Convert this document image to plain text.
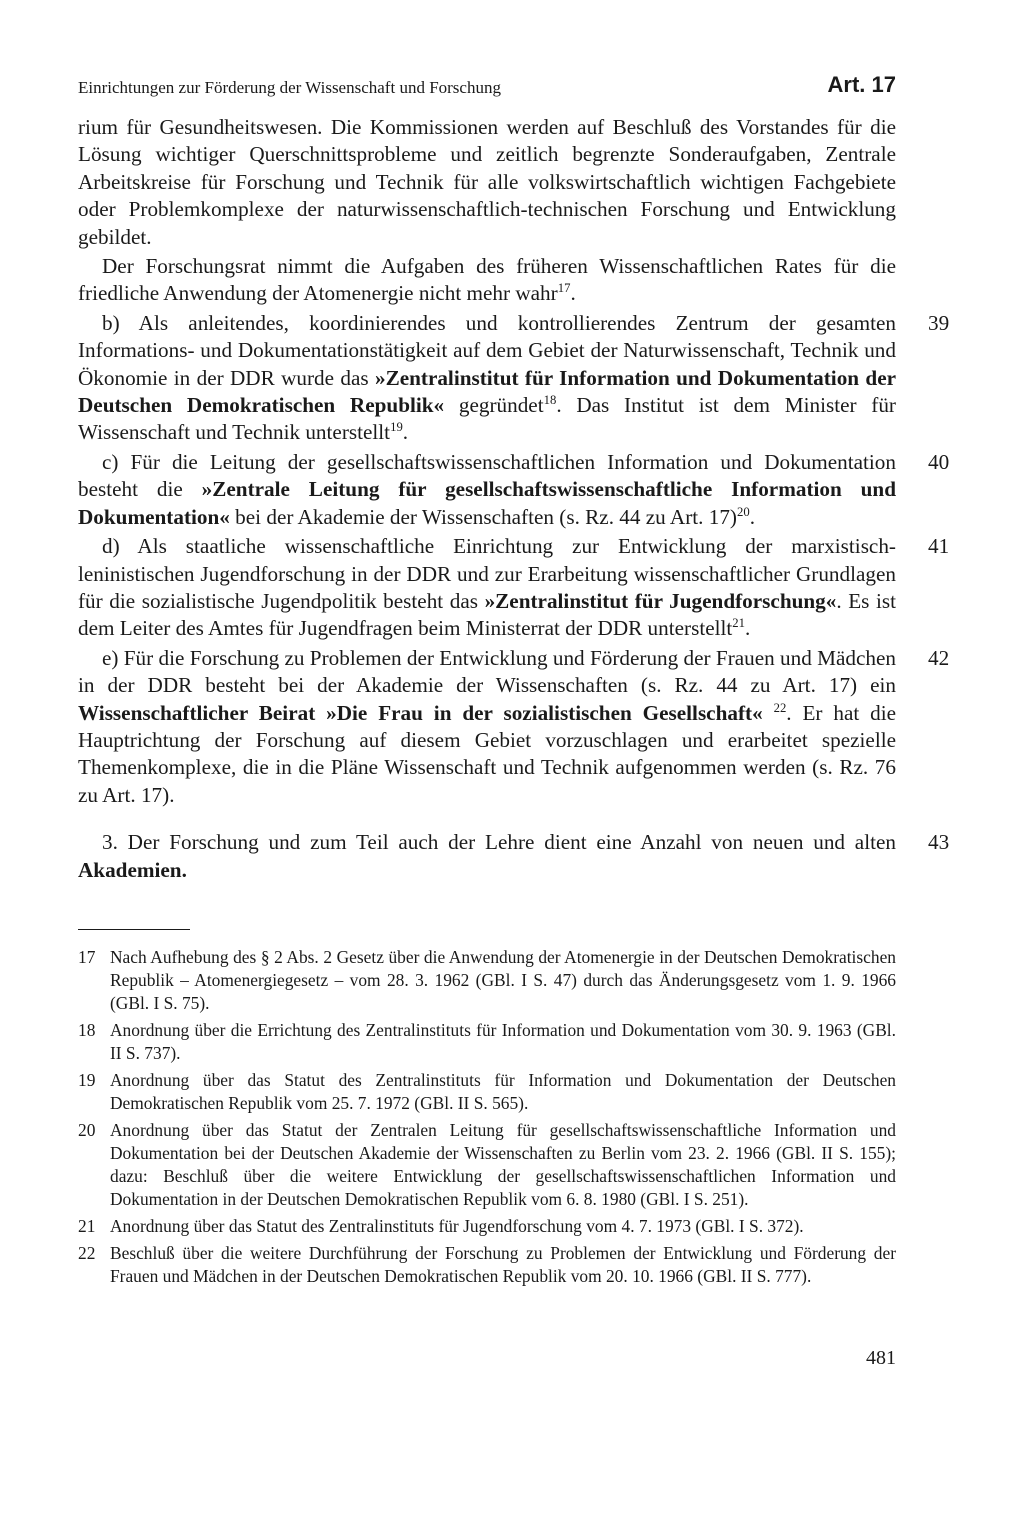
Einrichtungen zur Förderung der Wissenschaft und Forschung	Art. 17

rium für Gesundheitswesen. Die Kommissionen werden auf Beschluß des Vorstandes für die Lösung wichtiger Querschnittsprobleme und zeitlich begrenzte Sonderaufgaben, Zentrale Arbeitskreise für Forschung und Technik für alle volkswirtschaftlich wichtigen Fachgebiete oder Problemkomplexe der naturwissenschaftlich-technischen Forschung und Entwicklung gebildet.

Der Forschungsrat nimmt die Aufgaben des früheren Wissenschaftlichen Rates für die friedliche Anwendung der Atomenergie nicht mehr wahr$^{17}$.

39
b) Als anleitendes, koordinierendes und kontrollierendes Zentrum der gesamten Informations- und Dokumentationstätigkeit auf dem Gebiet der Naturwissenschaft, Technik und Ökonomie in der DDR wurde das »Zentralinstitut für Information und Dokumentation der Deutschen Demokratischen Republik« gegründet$^{18}$. Das Institut ist dem Minister für Wissenschaft und Technik unterstellt$^{19}$.

40
c) Für die Leitung der gesellschaftswissenschaftlichen Information und Dokumentation besteht die »Zentrale Leitung für gesellschaftswissenschaftliche Information und Dokumentation« bei der Akademie der Wissenschaften (s. Rz. 44 zu Art. 17)$^{20}$.

41
d) Als staatliche wissenschaftliche Einrichtung zur Entwicklung der marxistisch-leninistischen Jugendforschung in der DDR und zur Erarbeitung wissenschaftlicher Grundlagen für die sozialistische Jugendpolitik besteht das »Zentralinstitut für Jugendforschung«. Es ist dem Leiter des Amtes für Jugendfragen beim Ministerrat der DDR unterstellt$^{21}$.

42
e) Für die Forschung zu Problemen der Entwicklung und Förderung der Frauen und Mädchen in der DDR besteht bei der Akademie der Wissenschaften (s. Rz. 44 zu Art. 17) ein Wissenschaftlicher Beirat »Die Frau in der sozialistischen Gesellschaft« $^{22}$. Er hat die Hauptrichtung der Forschung auf diesem Gebiet vorzuschlagen und erarbeitet spezielle Themenkomplexe, die in die Pläne Wissenschaft und Technik aufgenommen werden (s. Rz. 76 zu Art. 17).

43
3. Der Forschung und zum Teil auch der Lehre dient eine Anzahl von neuen und alten Akademien.

17 Nach Aufhebung des § 2 Abs. 2 Gesetz über die Anwendung der Atomenergie in der Deutschen Demokratischen Republik – Atomenergiegesetz – vom 28. 3. 1962 (GBl. I S. 47) durch das Änderungsgesetz vom 1. 9. 1966 (GBl. I S. 75).
18 Anordnung über die Errichtung des Zentralinstituts für Information und Dokumentation vom 30. 9. 1963 (GBl. II S. 737).
19 Anordnung über das Statut des Zentralinstituts für Information und Dokumentation der Deutschen Demokratischen Republik vom 25. 7. 1972 (GBl. II S. 565).
20 Anordnung über das Statut der Zentralen Leitung für gesellschaftswissenschaftliche Information und Dokumentation bei der Deutschen Akademie der Wissenschaften zu Berlin vom 23. 2. 1966 (GBl. II S. 155); dazu: Beschluß über die weitere Entwicklung der gesellschaftswissenschaftlichen Information und Dokumentation in der Deutschen Demokratischen Republik vom 6. 8. 1980 (GBl. I S. 251).
21 Anordnung über das Statut des Zentralinstituts für Jugendforschung vom 4. 7. 1973 (GBl. I S. 372).
22 Beschluß über die weitere Durchführung der Forschung zu Problemen der Entwicklung und Förderung der Frauen und Mädchen in der Deutschen Demokratischen Republik vom 20. 10. 1966 (GBl. II S. 777).
481
